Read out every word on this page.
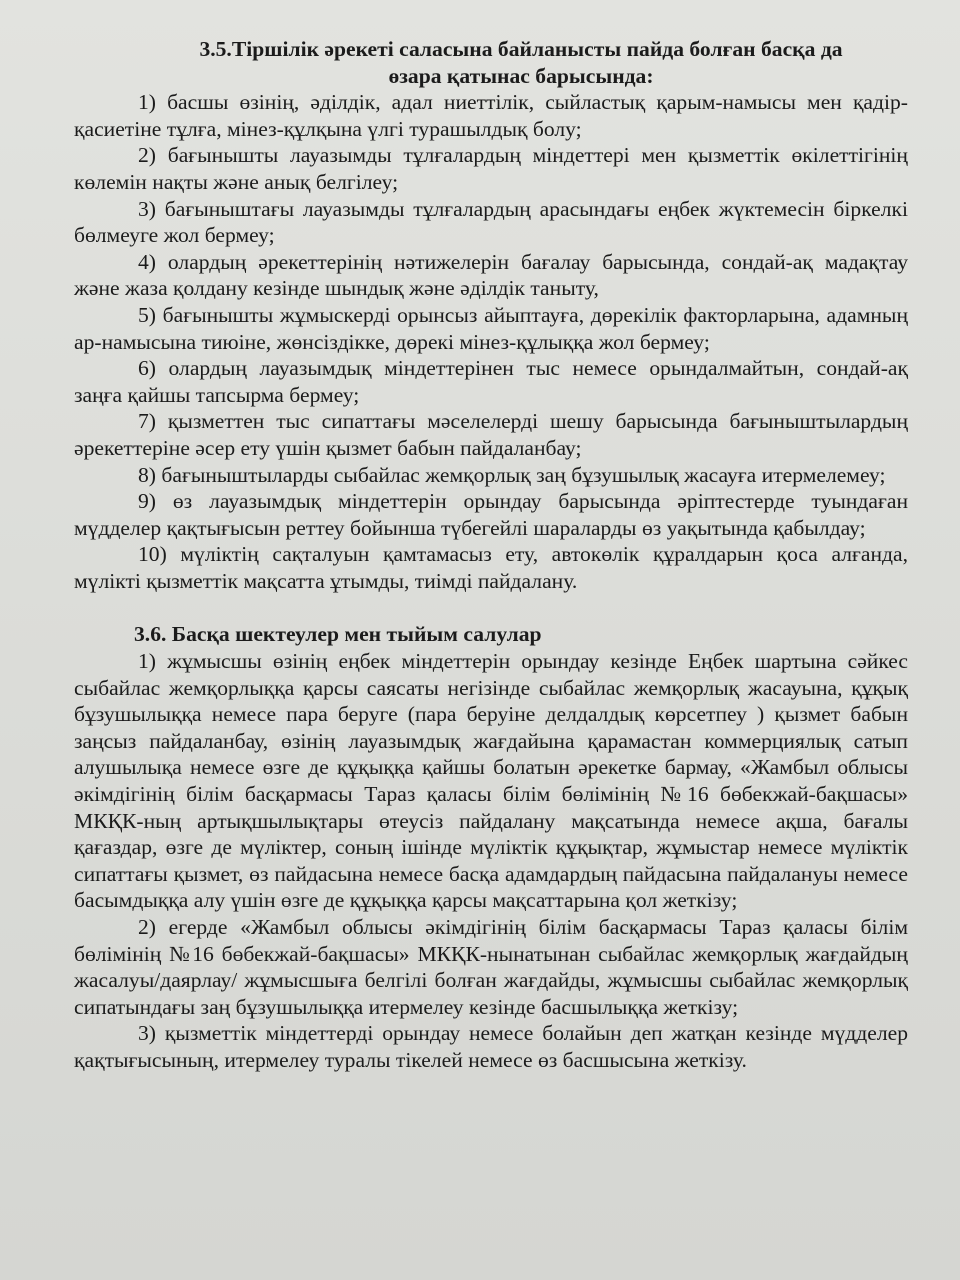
3.5.Тіршілік әрекеті саласына байланысты пайда болған басқа да

өзара қатынас барысында:

1) басшы өзінің, әділдік, адал ниеттілік, сыйластық қарым-намысы мен қадір-қасиетіне тұлға, мінез-құлқына үлгі турашылдық болу;

2) бағынышты лауазымды тұлғалардың міндеттері мен қызметтік өкілеттігінің көлемін нақты және анық белгілеу;

3) бағыныштағы лауазымды тұлғалардың арасындағы еңбек жүктемесін біркелкі бөлмеуге жол бермеу;

4) олардың әрекеттерінің нәтижелерін бағалау барысында, сондай-ақ мадақтау және жаза қолдану кезінде шындық және әділдік таныту,

5) бағынышты жұмыскерді орынсыз айыптауға, дөрекілік факторларына, адамның ар-намысына тиюіне, жөнсіздікке, дөрекі мінез-құлыққа жол бермеу;

6) олардың лауазымдық міндеттерінен тыс немесе орындалмайтын, сондай-ақ заңға қайшы тапсырма бермеу;

7) қызметтен тыс сипаттағы мәселелерді шешу барысында бағыныштылардың әрекеттеріне әсер ету үшін қызмет бабын пайдаланбау;

8) бағыныштыларды сыбайлас жемқорлық заң бұзушылық жасауға итермелемеу;

9) өз лауазымдық міндеттерін орындау барысында әріптестерде туындаған мүдделер қақтығысын реттеу бойынша түбегейлі шараларды өз уақытында қабылдау;

10) мүліктің сақталуын қамтамасыз ету, автокөлік құралдарын қоса алғанда, мүлікті қызметтік мақсатта ұтымды, тиімді пайдалану.

3.6. Басқа шектеулер мен тыйым салулар

1) жұмысшы өзінің еңбек міндеттерін орындау кезінде Еңбек шартына сәйкес сыбайлас жемқорлыққа қарсы саясаты негізінде сыбайлас жемқорлық жасауына, құқық бұзушылыққа немесе пара беруге (пара беруіне делдалдық көрсетпеу ) қызмет бабын заңсыз пайдаланбау, өзінің лауазымдық жағдайына қарамастан коммерциялық сатып алушылықа немесе өзге де құқыққа қайшы болатын әрекетке бармау, «Жамбыл облысы әкімдігінің білім басқармасы Тараз қаласы білім бөлімінің №16 бөбекжай-бақшасы» МКҚК-ның артықшылықтары өтеусіз пайдалану мақсатында немесе ақша, бағалы қағаздар, өзге де мүліктер, соның ішінде мүліктік құқықтар, жұмыстар немесе мүліктік сипаттағы қызмет, өз пайдасына немесе басқа адамдардың пайдасына пайдалануы немесе басымдыққа алу үшін өзге де құқыққа қарсы мақсаттарына қол жеткізу;

2) егерде «Жамбыл облысы әкімдігінің білім басқармасы Тараз қаласы білім бөлімінің №16 бөбекжай-бақшасы» МКҚК-нынатынан сыбайлас жемқорлық жағдайдың жасалуы/даярлау/ жұмысшыға белгілі болған жағдайды, жұмысшы сыбайлас жемқорлық сипатындағы заң бұзушылыққа итермелеу кезінде басшылыққа жеткізу;

3) қызметтік міндеттерді орындау немесе болайын деп жатқан кезінде мүдделер қақтығысының, итермелеу туралы тікелей немесе өз басшысына жеткізу.
